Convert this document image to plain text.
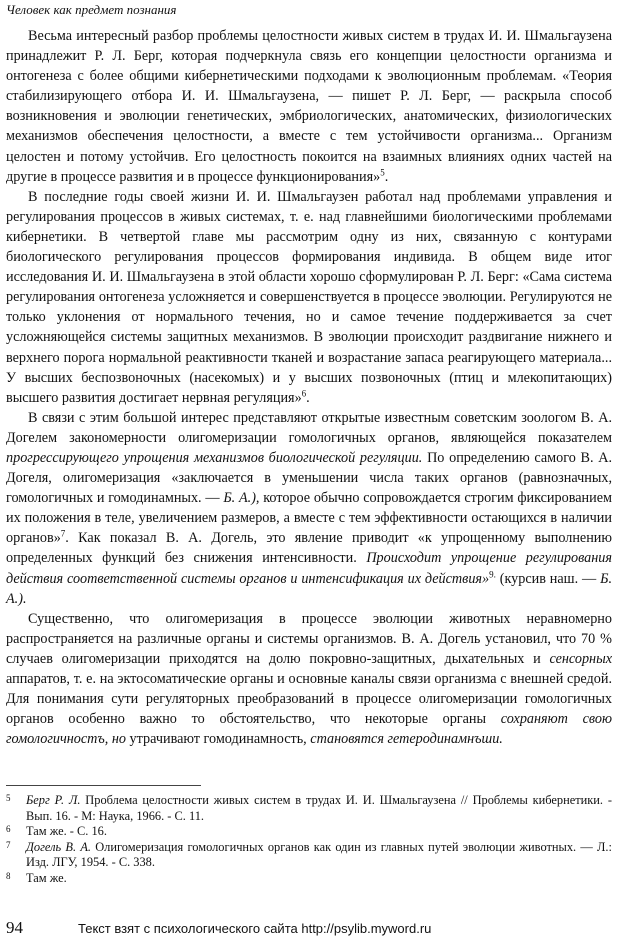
Человек как предмет познания

Весьма интересный разбор проблемы целостности живых систем в трудах И. И. Шмальгаузена принадлежит Р. Л. Берг, которая подчеркнула связь его концепции целостности организма и онтогенеза с более общими кибернетическими подходами к эволюционным проблемам. «Теория стабилизирующего отбора И. И. Шмальгаузена, — пишет Р. Л. Берг, — раскрыла способ возникновения и эволюции генетических, эмбриологических, анатомических, физиологических механизмов обеспечения целостности, а вместе с тем устойчивости организма... Организм целостен и потому устойчив. Его целостность покоится на взаимных влияниях одних частей на другие в процессе развития и в процессе функционирования»$^5$.

В последние годы своей жизни И. И. Шмальгаузен работал над проблемами управления и регулирования процессов в живых системах, т. е. над главнейшими биологическими проблемами кибернетики. В четвертой главе мы рассмотрим одну из них, связанную с контурами биологического регулирования процессов формирования индивида. В общем виде итог исследования И. И. Шмальгаузена в этой области хорошо сформулирован Р. Л. Берг: «Сама система регулирования онтогенеза усложняется и совершенствуется в процессе эволюции. Регулируются не только уклонения от нормального течения, но и самое течение поддерживается за счет усложняющейся системы защитных механизмов. В эволюции происходит раздвигание нижнего и верхнего порога нормальной реактивности тканей и возрастание запаса реагирующего материала... У высших беспозвоночных (насекомых) и у высших позвоночных (птиц и млекопитающих) высшего развития достигает нервная регуляция»$^6$.

В связи с этим большой интерес представляют открытые известным советским зоологом В. А. Догелем закономерности олигомеризации гомологичных органов, являющейся показателем прогрессирующего упрощения механизмов биологической регуляции. По определению самого В. А. Догеля, олигомеризация «заключается в уменьшении числа таких органов (равнозначных, гомологичных и гомодинамных. — Б. А.), которое обычно сопровождается строгим фиксированием их положения в теле, увеличением размеров, а вместе с тем эффективности остающихся в наличии органов»$^7$. Как показал В. А. Догель, это явление приводит «к упрощенному выполнению определенных функций без снижения интенсивности. Происходит упрощение регулирования действия соответственной системы органов и интенсификация их действия»$^{9.}$ (курсив наш. — Б. А.).

Существенно, что олигомеризация в процессе эволюции животных неравномерно распространяется на различные органы и системы организмов. В. А. Догель установил, что 70 % случаев олигомеризации приходятся на долю покровно-защитных, дыхательных и сенсорных аппаратов, т. е. на эктосоматические органы и основные каналы связи организма с внешней средой. Для понимания сути регуляторных преобразований в процессе олигомеризации гомологичных органов особенно важно то обстоятельство, что некоторые органы сохраняют свою гомологичностъ, но утрачивают гомодинамность, становятся гетеродинамнъшu.

5 Берг Р. Л. Проблема целостности живых систем в трудах И. И. Шмальгаузена // Проблемы кибернетики. - Вып. 16. - М: Наука, 1966. - С. 11.
6 Там же. - С. 16.
7 Догель В. А. Олигомеризация гомологичных органов как один из главных путей эволюции животных. — Л.: Изд. ЛГУ, 1954. - С. 338.
8 Там же.
94	Текст взят с психологического сайта http://psylib.myword.ru
